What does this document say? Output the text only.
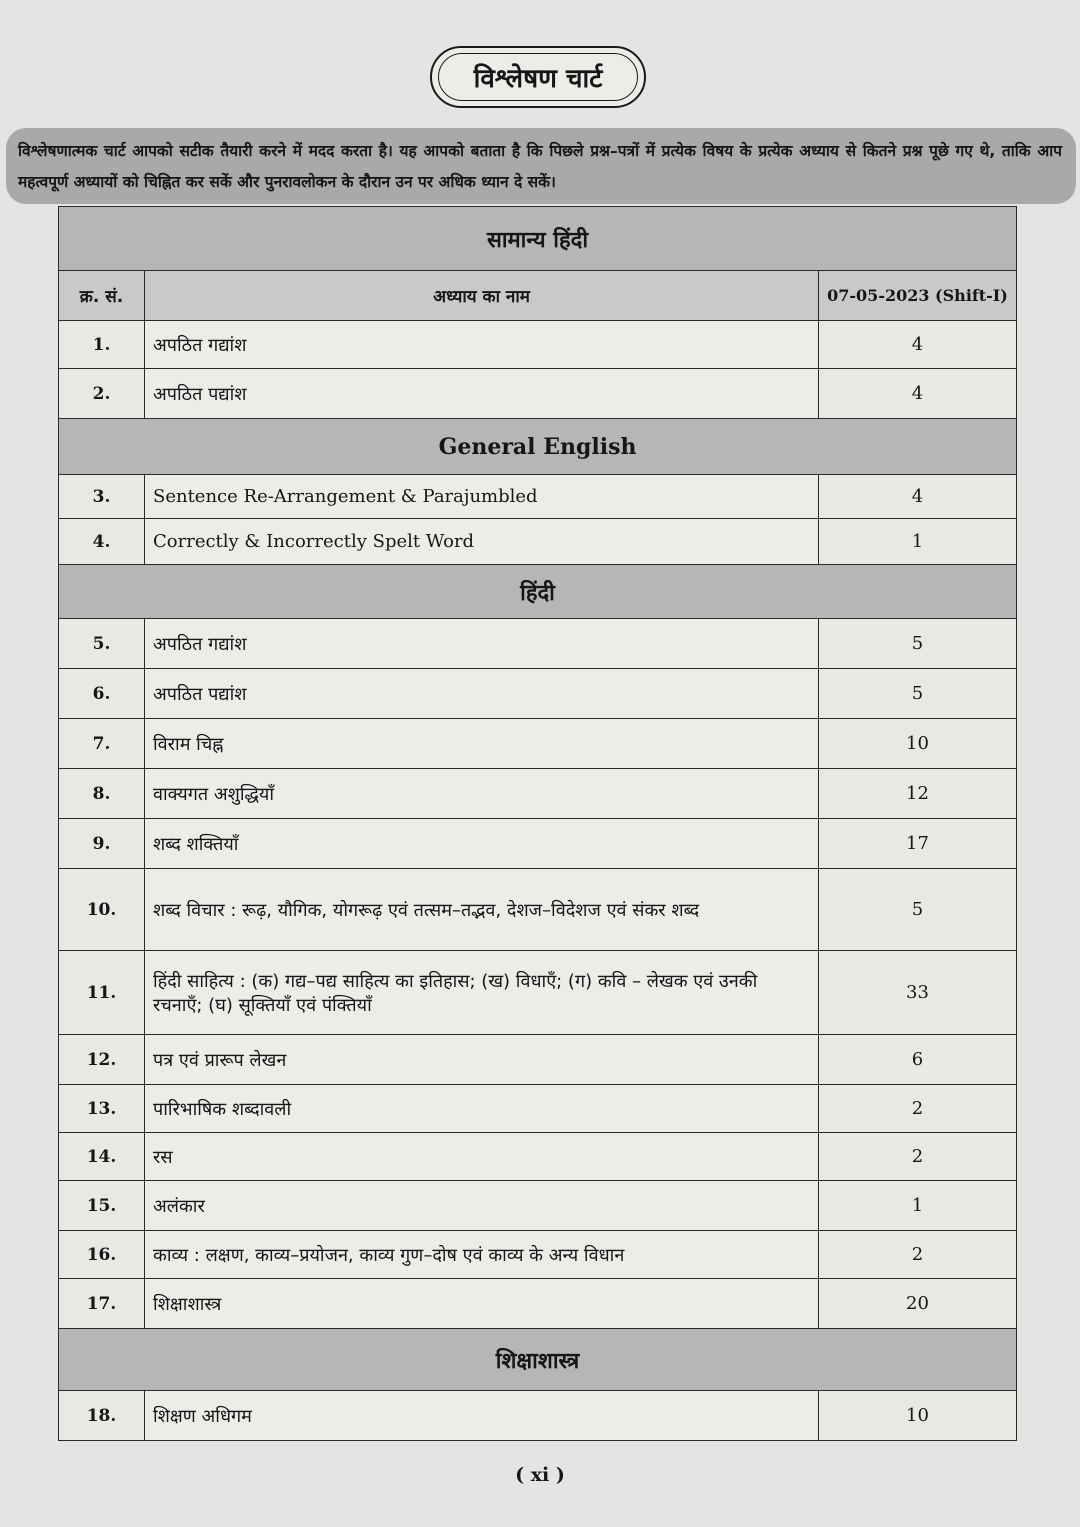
विश्लेषण चार्ट
विश्लेषणात्मक चार्ट आपको सटीक तैयारी करने में मदद करता है। यह आपको बताता है कि पिछले प्रश्न–पत्रों में प्रत्येक विषय के प्रत्येक अध्याय से कितने प्रश्न पूछे गए थे, ताकि आप महत्वपूर्ण अध्यायों को चिह्नित कर सकें और पुनरावलोकन के दौरान उन पर अधिक ध्यान दे सकें।
सामान्य हिंदी		
क्र. सं.	अध्याय का नाम	07-05-2023 (Shift-I)
1.	अपठित गद्यांश	4
2.	अपठित पद्यांश	4
General English		
3.	Sentence Re-Arrangement & Parajumbled	4
4.	Correctly & Incorrectly Spelt Word	1
हिंदी		
5.	अपठित गद्यांश	5
6.	अपठित पद्यांश	5
7.	विराम चिह्न	10
8.	वाक्यगत अशुद्धियाँ	12
9.	शब्द शक्तियाँ	17
10.	शब्द विचार : रूढ़, यौगिक, योगरूढ़ एवं तत्सम–तद्भव, देशज–विदेशज एवं संकर शब्द	5
11.	हिंदी साहित्य : (क) गद्य–पद्य साहित्य का इतिहास; (ख) विधाएँ; (ग) कवि – लेखक एवं उनकी रचनाएँ; (घ) सूक्तियाँ एवं पंक्तियाँ	33
12.	पत्र एवं प्रारूप लेखन	6
13.	पारिभाषिक शब्दावली	2
14.	रस	2
15.	अलंकार	1
16.	काव्य : लक्षण, काव्य–प्रयोजन, काव्य गुण–दोष एवं काव्य के अन्य विधान	2
17.	शिक्षाशास्त्र	20
शिक्षाशास्त्र		
18.	शिक्षण अधिगम	10
( xi )
